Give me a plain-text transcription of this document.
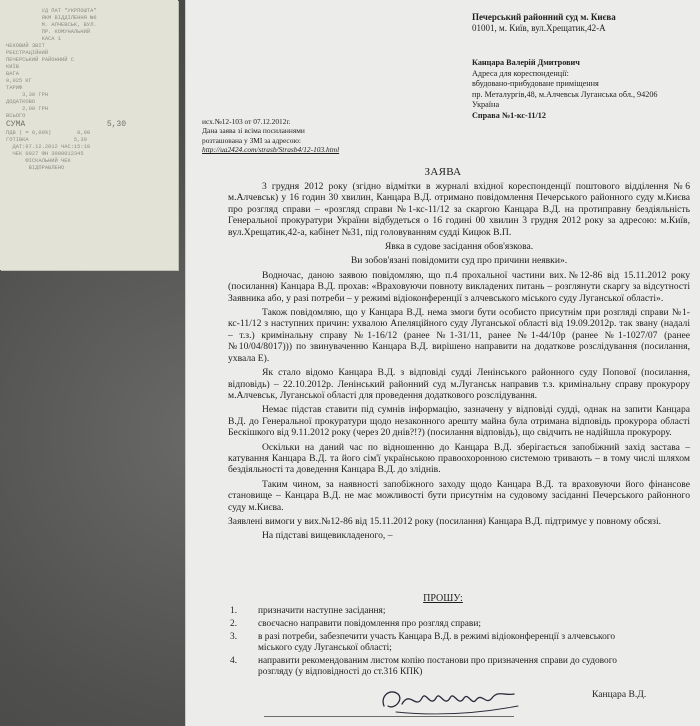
УД ПАТ "УКРПОШТА"
ЯКМ ВІДДІЛЕННЯ №6
М. АЛЧЕВСЬК, ВУЛ.
ПР. КОМУНАЛЬНИЙ
КАСА 1
ЧЕКОВИЙ ЗВІТ
РЕЄСТРАЦІЙНИЙ
ПЕЧЕРСЬКИЙ РАЙОННИЙ С
КИЇВ
ВАГА
0,025 КГ
ТАРИФ
3,30 ГРН
ДОДАТКОВО
2,00 ГРН
ВСЬОГО
СУМА	5,30
ПДВ ( = 0,00%)        0,00
ГОТІВКА              5,30
ДАТ:07.12.2012 ЧАС:15:10
ЧЕК 0027 ФН 3000012345
ФІСКАЛЬНИЙ ЧЕК
ВІДПРАВЛЕНО
Печерський районний суд м. Києва
01001, м. Київ, вул.Хрещатик,42-А
Канцара Валерій Дмитрович
Адреса для кореспонденції:
вбудовано-прибудоване приміщення
пр. Металургів,48, м.Алчевськ Луганська обл., 94206
Україна
Справа №1-кс-11/12
исх.№12-103 от 07.12.2012г.
Дана заява зі всіма посиланнями
розташована у ЗМІ за адресою:
http://ua2424.com/strasb/Strasb4/12-103.html
ЗАЯВА

3 грудня 2012 року (згідно відмітки в журналі вхідної кореспонденції поштового відділення №6 м.Алчевськ) у 16 годин 30 хвилин, Канцара В.Д. отримано повідомлення Печерського районного суду м.Києва про розгляд справи – «розгляд справи №1-кс-11/12 за скаргою Канцара В.Д. на протиправну бездіяльність Генеральної прокуратури України відбудеться о 16 годині 00 хвилин 3 грудня 2012 року за адресою: м.Київ, вул.Хрещатик,42-а, кабінет №31, під головуванням судді Кицюк В.П.

Явка в судове засідання обов'язкова.

Ви зобов'язані повідомити суд про причини неявки».

Водночас, даною заявою повідомляю, що п.4 прохальної частини вих.№12-86 від 15.11.2012 року (посилання) Канцара В.Д. прохав: «Враховуючи повноту викладених питань – розглянути скаргу за відсутності Заявника або, у разі потреби – у режимі відіоконференції з алчевського міського суду Луганської області».

Також повідомляю, що у Канцара В.Д. нема змоги бути особисто присутнім при розгляді справи №1-кс-11/12 з наступних причин: ухвалою Апеляційного суду Луганської області від 19.09.2012р. так звану (надалі – т.з.) кримінальну справу №1-16/12 (ранее №1-31/11, ранее №1-44/10р (ранее №1-1027/07 (ранее №10/04/8017))) по звинуваченню Канцара В.Д. вирішено направити на додаткове розслідування (посилання, ухвала Е).

Як стало відомо Канцара В.Д. з відповіді судді Ленінського районного суду Попової (посилання, відповідь) – 22.10.2012р. Ленінський районний суд м.Луганськ направив т.з. кримінальну справу прокурору м.Алчевськ, Луганської області для проведення додаткового розслідування.

Немає підстав ставити під сумнів інформацію, зазначену у відповіді судді, однак на запити Канцара В.Д. до Генеральної прокуратури щодо незаконного арешту майна була отримана відповідь прокурора області Бескішкого від 9.11.2012 року (через 20 днів?!?) (посилання відповідь), що свідчить не надійшла прокурору.

Оскільки на даний час по відношенню до Канцара В.Д. зберігається запобіжний захід застава – катування Канцара В.Д. та його сім'ї українською правоохоронною системою тривають – в тому числі шляхом бездіяльності та доведення Канцара В.Д. до зліднів.

Таким чином, за наявності запобіжного заходу щодо Канцара В.Д. та враховуючи його фінансове становище – Канцара В.Д. не має можливості бути присутнім на судовому засіданні Печерського районного суду м.Києва.

Заявлені вимоги у вих.№12-86 від 15.11.2012 року (посилання) Канцара В.Д. підтримує у повному обсязі.

На підставі вищевикладеного, –

ПРОШУ:
1.	призначити наступне засідання;
2.	своєчасно направити повідомлення про розгляд справи;
3.	в разі потреби, забезпечити участь Канцара В.Д. в режимі відіоконференції з алчевського міського суду Луганської області;
4.	направити рекомендованим листом копію постанови про призначення справи до судового розгляду (у відповідності до ст.316 КПК)
Канцара В.Д.
